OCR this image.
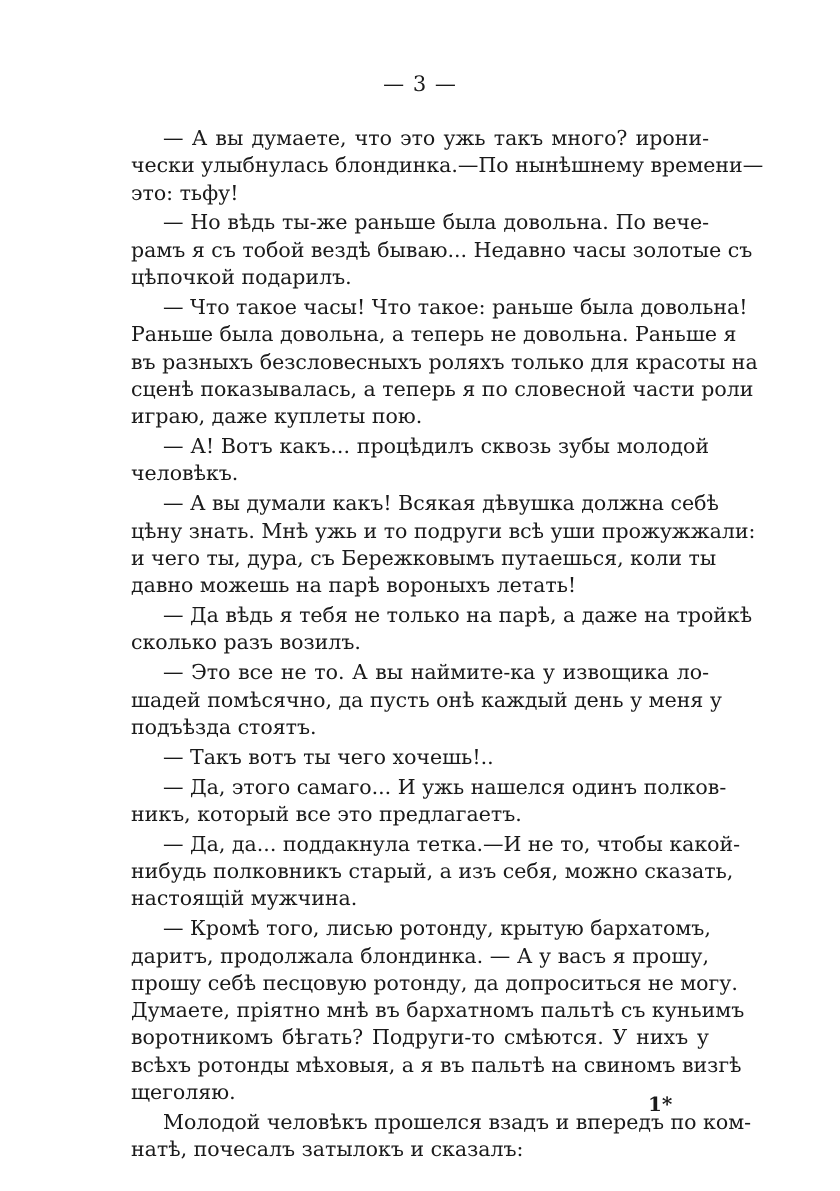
— 3 —
— А вы думаете, что это ужь такъ много? ирони-
чески улыбнулась блондинка.—По нынѣшнему времени—
это: тьфу!
— Но вѣдь ты-же раньше была довольна. По вече-
рамъ я съ тобой вездѣ бываю... Недавно часы золотые съ
цѣпочкой подарилъ.
— Что такое часы! Что такое: раньше была довольна!
Раньше была довольна, а теперь не довольна. Раньше я
въ разныхъ безсловесныхъ роляхъ только для красоты на
сценѣ показывалась, а теперь я по словесной части роли
играю, даже куплеты пою.
— А! Вотъ какъ... процѣдилъ сквозь зубы молодой
человѣкъ.
— А вы думали какъ! Всякая дѣвушка должна себѣ
цѣну знать. Мнѣ ужь и то подруги всѣ уши прожужжали:
и чего ты, дура, съ Бережковымъ путаешься, коли ты
давно можешь на парѣ вороныхъ летать!
— Да вѣдь я тебя не только на парѣ, а даже на тройкѣ
сколько разъ возилъ.
— Это все не то. А вы наймите-ка у извощика ло-
шадей помѣсячно, да пусть онѣ каждый день у меня у
подъѣзда стоятъ.
— Такъ вотъ ты чего хочешь!..
— Да, этого самаго... И ужь нашелся одинъ полков-
никъ, который все это предлагаетъ.
— Да, да... поддакнула тетка.—И не то, чтобы какой-
нибудь полковникъ старый, а изъ себя, можно сказать,
настоящій мужчина.
— Кромѣ того, лисью ротонду, крытую бархатомъ,
даритъ, продолжала блондинка. — А у васъ я прошу,
прошу себѣ песцовую ротонду, да допроситься не могу.
Думаете, пріятно мнѣ въ бархатномъ пальтѣ съ куньимъ
воротникомъ бѣгать? Подруги-то смѣются. У нихъ у
всѣхъ ротонды мѣховыя, а я въ пальтѣ на свиномъ визгѣ
щеголяю.
Молодой человѣкъ прошелся взадъ и впередъ по ком-
натѣ, почесалъ затылокъ и сказалъ:
1*
